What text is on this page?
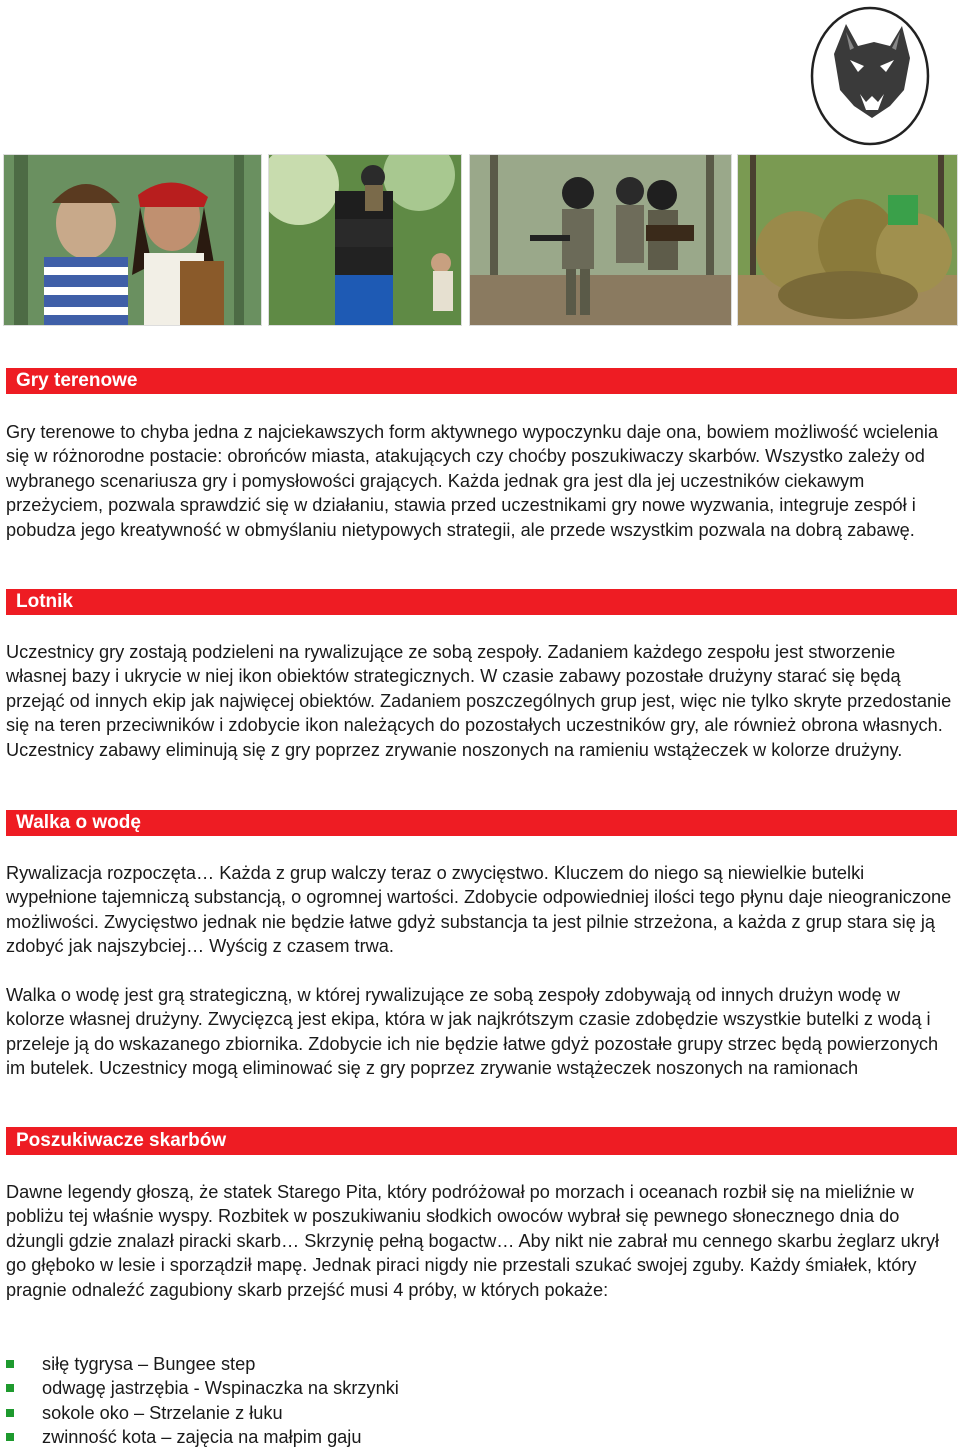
Gry terenowe

Gry terenowe to chyba jedna z najciekawszych form aktywnego wypoczynku daje ona, bowiem możliwość wcielenia się w różnorodne postacie: obrońców miasta, atakujących czy choćby poszukiwaczy skarbów. Wszystko zależy od wybranego scenariusza gry i pomysłowości grających. Każda jednak gra jest dla jej uczestników ciekawym przeżyciem, pozwala sprawdzić się w działaniu, stawia przed uczestnikami gry nowe wyzwania, integruje zespół i pobudza jego kreatywność w obmyślaniu nietypowych strategii, ale przede wszystkim pozwala na dobrą zabawę.

Lotnik

Uczestnicy gry zostają podzieleni na rywalizujące ze sobą zespoły. Zadaniem każdego zespołu jest stworzenie własnej bazy i ukrycie w niej ikon obiektów strategicznych. W czasie zabawy pozostałe drużyny starać się będą przejąć od innych ekip jak najwięcej obiektów. Zadaniem poszczególnych grup jest, więc nie tylko skryte przedostanie się na teren przeciwników i zdobycie ikon należących do pozostałych uczestników gry, ale również obrona własnych. Uczestnicy zabawy eliminują się z gry poprzez zrywanie noszonych na ramieniu wstążeczek w kolorze drużyny.

Walka o wodę

Rywalizacja rozpoczęta… Każda z grup walczy teraz o zwycięstwo. Kluczem do niego są niewielkie butelki wypełnione tajemniczą substancją, o ogromnej wartości. Zdobycie odpowiedniej ilości tego płynu daje nieograniczone możliwości. Zwycięstwo jednak nie będzie łatwe gdyż substancja ta jest pilnie strzeżona, a każda z grup stara się ją zdobyć jak najszybciej… Wyścig z czasem trwa.

Walka o wodę jest grą strategiczną, w której rywalizujące ze sobą zespoły zdobywają od innych drużyn wodę w kolorze własnej drużyny. Zwycięzcą jest ekipa, która w jak najkrótszym czasie zdobędzie wszystkie butelki z wodą i przeleje ją do wskazanego zbiornika. Zdobycie ich nie będzie łatwe gdyż pozostałe grupy strzec będą powierzonych im butelek. Uczestnicy mogą eliminować się z gry poprzez zrywanie wstążeczek noszonych na ramionach

Poszukiwacze skarbów

Dawne legendy głoszą, że statek Starego Pita, który podróżował po morzach i oceanach rozbił się na mieliźnie w pobliżu tej właśnie wyspy. Rozbitek w poszukiwaniu słodkich owoców wybrał się pewnego słonecznego dnia do dżungli gdzie znalazł piracki skarb… Skrzynię pełną bogactw… Aby nikt nie zabrał mu cennego skarbu żeglarz ukrył go głęboko w lesie i sporządził mapę. Jednak piraci nigdy nie przestali szukać swojej zguby. Każdy śmiałek, który pragnie odnaleźć zagubiony skarb przejść musi 4 próby, w których pokaże:

siłę tygrysa – Bungee step
odwagę jastrzębia - Wspinaczka na skrzynki
sokole oko – Strzelanie z łuku
zwinność kota – zajęcia na małpim gaju
